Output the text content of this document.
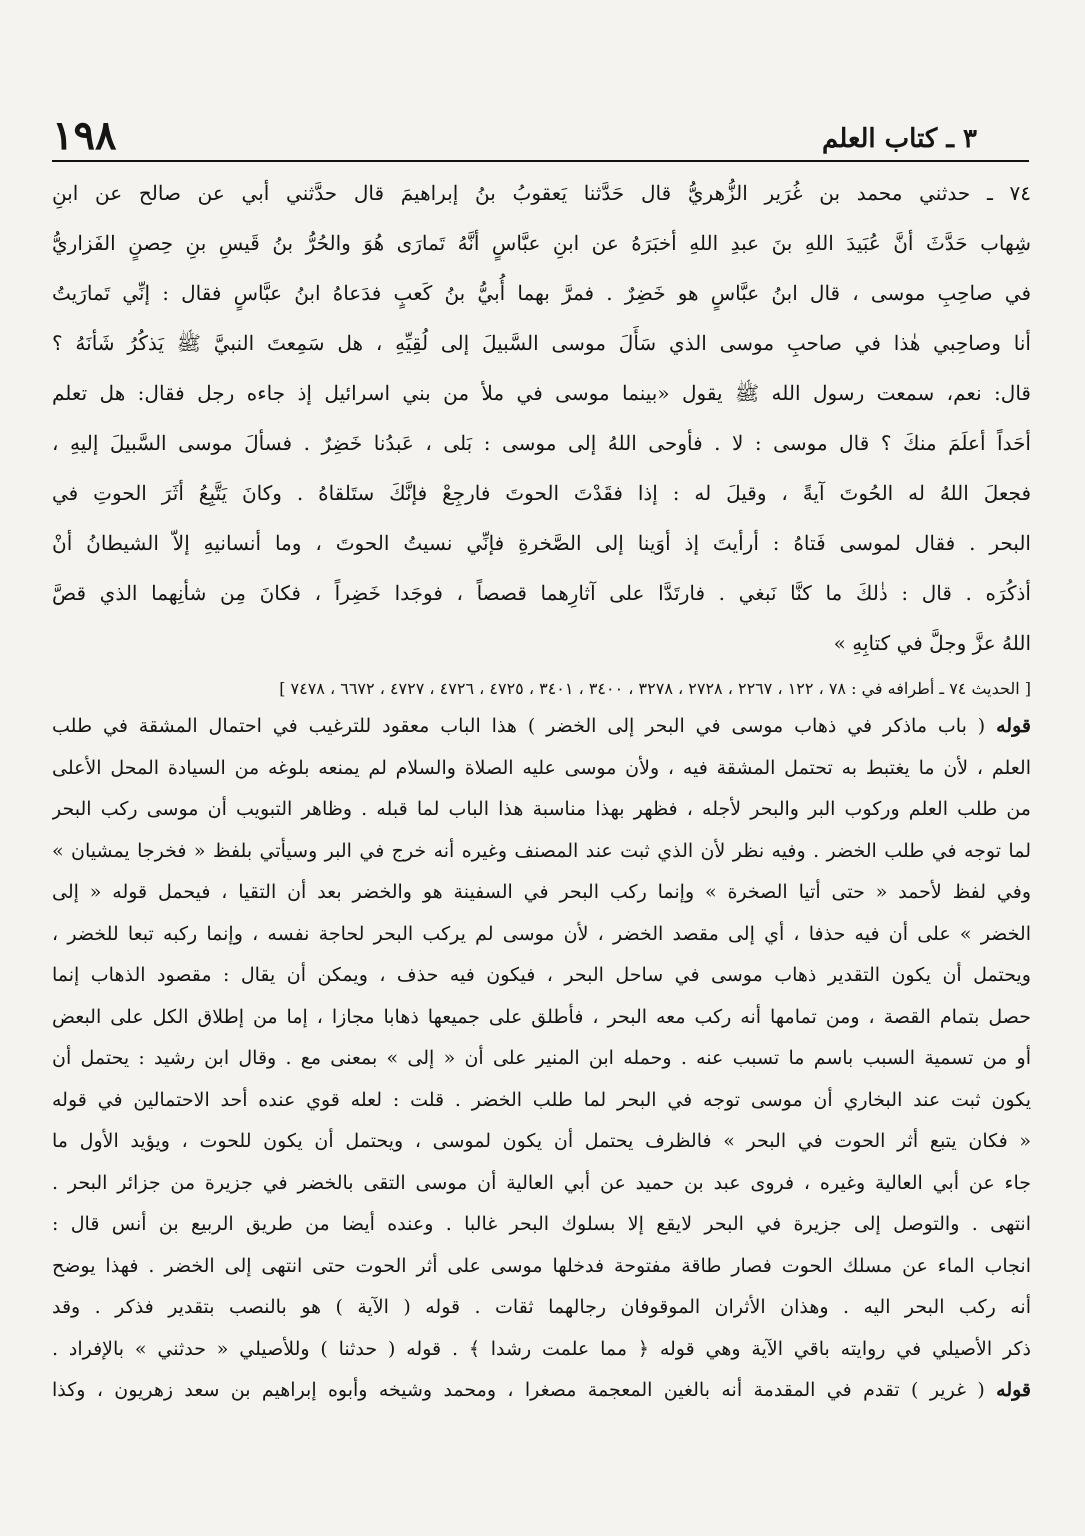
١٩٨	٣ ـ كتاب العلم
٧٤ ـ حدثني محمد بن غُرَير الزُّهريُّ قال حَدَّثنا يَعقوبُ بنُ إبراهيمَ قال حدَّثني أبي عن صالح عن ابنِ
شِهاب حَدَّثَ أنَّ عُبَيدَ اللهِ بنَ عبدِ اللهِ أخبَرَهُ عن ابنِ عبَّاسٍ أنَّهُ تَمارَى هُوَ والحُرُّ بنُ قَيسِ بنِ حِصنٍ الفَزاريُّ
في صاحِبِ موسى ، قال ابنُ عبَّاسٍ هو خَضِرٌ . فمرَّ بهما أُبيُّ بنُ كَعبٍ فدَعاهُ ابنُ عبَّاسٍ فقال : إنِّي تَمارَيتُ
أنا وصاحِبي هٰذا في صاحبِ موسى الذي سَأَلَ موسى السَّبيلَ إلى لُقِيِّهِ ، هل سَمِعتَ النبيَّ ﷺ يَذكُرُ شَأنَهُ ؟
قال: نعم، سمعت رسول الله ﷺ يقول «بينما موسى في ملأ من بني اسرائيل إذ جاءه رجل فقال: هل تعلم
أحَداً أعلَمَ منكَ ؟ قال موسى : لا . فأوحى اللهُ إلى موسى : بَلى ، عَبدُنا خَضِرٌ . فسألَ موسى السَّبيلَ إليهِ ،
فجعلَ اللهُ له الحُوتَ آيةً ، وقيلَ له : إذا فقَدْتَ الحوتَ فارجِعْ فإنَّكَ ستَلقاهُ . وكانَ يَتَّبِعُ أثَرَ الحوتِ في
البحر . فقال لموسى فَتاهُ : أرأيتَ إذ أوَينا إلى الصَّخرةِ فإنِّي نسيتُ الحوتَ ، وما أنسانيهِ إلاّ الشيطانُ أنْ
أذكُرَه . قال : ذٰلكَ ما كنَّا نَبغي . فارتَدَّا على آثارِهما قصصاً ، فوجَدا خَضِراً ، فكانَ مِن شأنِهما الذي قصَّ
اللهُ عزَّ وجلَّ في كتابِهِ »
[ الحديث ٧٤ ـ أطرافه في : ٧٨ ، ١٢٢ ، ٢٢٦٧ ، ٢٧٢٨ ، ٣٢٧٨ ، ٣٤٠٠ ، ٣٤٠١ ، ٤٧٢٥ ، ٤٧٢٦ ، ٤٧٢٧ ، ٦٦٧٢ ، ٧٤٧٨ ]
قوله ( باب ماذكر في ذهاب موسى في البحر إلى الخضر ) هذا الباب معقود للترغيب في احتمال المشقة في طلب
العلم ، لأن ما يغتبط به تحتمل المشقة فيه ، ولأن موسى عليه الصلاة والسلام لم يمنعه بلوغه من السيادة المحل الأعلى
من طلب العلم وركوب البر والبحر لأجله ، فظهر بهذا مناسبة هذا الباب لما قبله . وظاهر التبويب أن موسى ركب البحر
لما توجه في طلب الخضر . وفيه نظر لأن الذي ثبت عند المصنف وغيره أنه خرج في البر وسيأتي بلفظ « فخرجا يمشيان »
وفي لفظ لأحمد « حتى أتيا الصخرة » وإنما ركب البحر في السفينة هو والخضر بعد أن التقيا ، فيحمل قوله « إلى
الخضر » على أن فيه حذفا ، أي إلى مقصد الخضر ، لأن موسى لم يركب البحر لحاجة نفسه ، وإنما ركبه تبعا للخضر ،
ويحتمل أن يكون التقدير ذهاب موسى في ساحل البحر ، فيكون فيه حذف ، ويمكن أن يقال : مقصود الذهاب إنما
حصل بتمام القصة ، ومن تمامها أنه ركب معه البحر ، فأطلق على جميعها ذهابا مجازا ، إما من إطلاق الكل على البعض
أو من تسمية السبب باسم ما تسبب عنه . وحمله ابن المنير على أن « إلى » بمعنى مع . وقال ابن رشيد : يحتمل أن
يكون ثبت عند البخاري أن موسى توجه في البحر لما طلب الخضر . قلت : لعله قوي عنده أحد الاحتمالين في قوله
« فكان يتبع أثر الحوت في البحر » فالظرف يحتمل أن يكون لموسى ، ويحتمل أن يكون للحوت ، ويؤيد الأول ما
جاء عن أبي العالية وغيره ، فروى عبد بن حميد عن أبي العالية أن موسى التقى بالخضر في جزيرة من جزائر البحر .
انتهى . والتوصل إلى جزيرة في البحر لايقع إلا بسلوك البحر غالبا . وعنده أيضا من طريق الربيع بن أنس قال :
انجاب الماء عن مسلك الحوت فصار طاقة مفتوحة فدخلها موسى على أثر الحوت حتى انتهى إلى الخضر . فهذا يوضح
أنه ركب البحر اليه . وهذان الأثران الموقوفان رجالهما ثقات . قوله ( الآية ) هو بالنصب بتقدير فذكر . وقد
ذكر الأصيلي في روايته باقي الآية وهي قوله ﴿ مما علمت رشدا ﴾ . قوله ( حدثنا ) وللأصيلي « حدثني » بالإفراد .
قوله ( غرير ) تقدم في المقدمة أنه بالغين المعجمة مصغرا ، ومحمد وشيخه وأبوه إبراهيم بن سعد زهريون ، وكذا
